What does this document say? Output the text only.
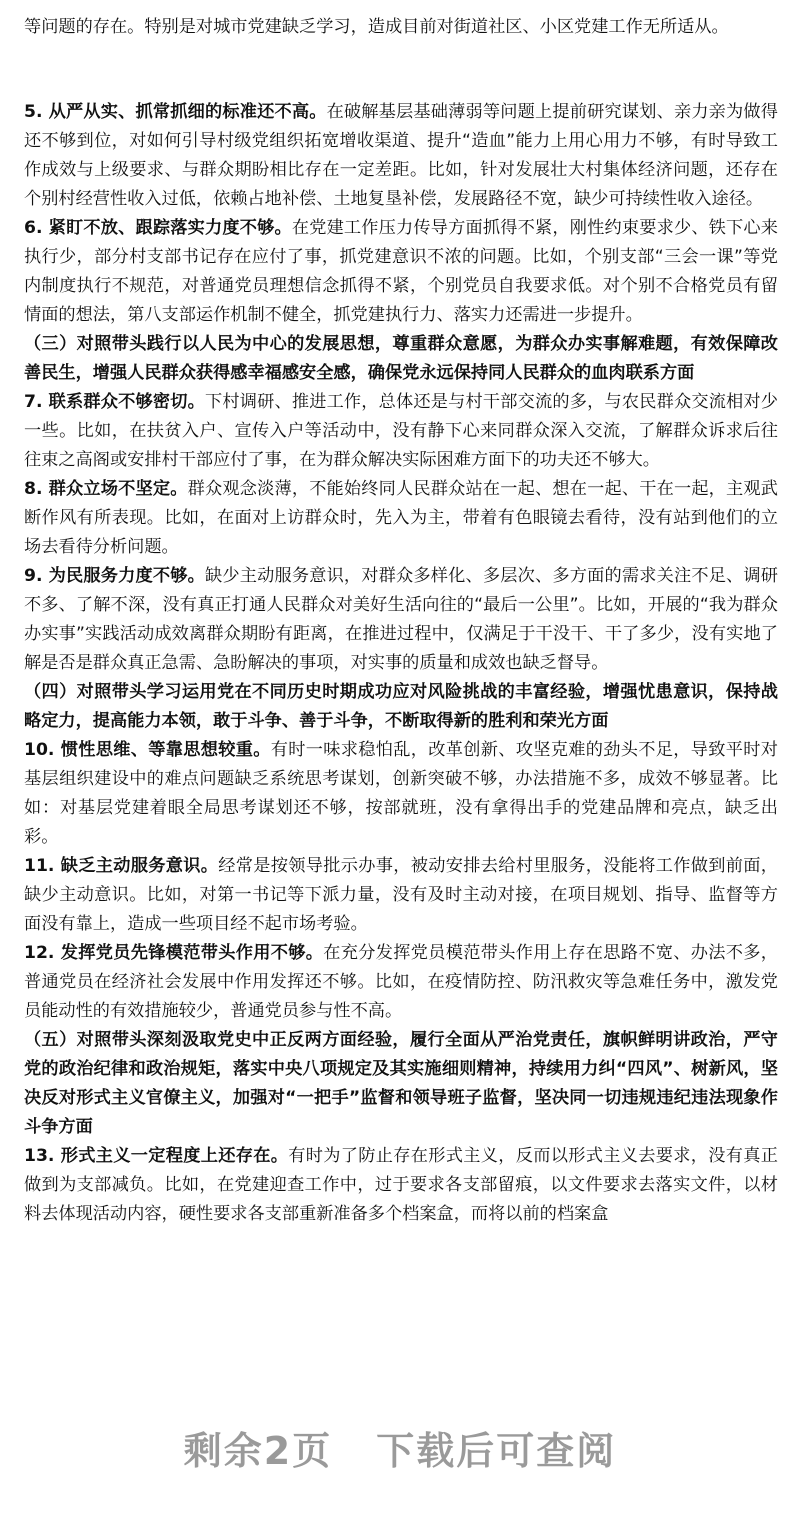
等问题的存在。特别是对城市党建缺乏学习，造成目前对街道社区、小区党建工作无所适从。

5. 从严从实、抓常抓细的标准还不高。在破解基层基础薄弱等问题上提前研究谋划、亲力亲为做得还不够到位，对如何引导村级党组织拓宽增收渠道、提升“造血”能力上用心用力不够，有时导致工作成效与上级要求、与群众期盼相比存在一定差距。比如，针对发展壮大村集体经济问题，还存在个别村经营性收入过低，依赖占地补偿、土地复垦补偿，发展路径不宽，缺少可持续性收入途径。

6. 紧盯不放、跟踪落实力度不够。在党建工作压力传导方面抓得不紧，刚性约束要求少、铁下心来执行少，部分村支部书记存在应付了事，抓党建意识不浓的问题。比如，个别支部“三会一课”等党内制度执行不规范，对普通党员理想信念抓得不紧，个别党员自我要求低。对个别不合格党员有留情面的想法，第八支部运作机制不健全，抓党建执行力、落实力还需进一步提升。

（三）对照带头践行以人民为中心的发展思想，尊重群众意愿，为群众办实事解难题，有效保障改善民生，增强人民群众获得感幸福感安全感，确保党永远保持同人民群众的血肉联系方面

7. 联系群众不够密切。下村调研、推进工作，总体还是与村干部交流的多，与农民群众交流相对少一些。比如，在扶贫入户、宣传入户等活动中，没有静下心来同群众深入交流，了解群众诉求后往往束之高阁或安排村干部应付了事，在为群众解决实际困难方面下的功夫还不够大。

8. 群众立场不坚定。群众观念淡薄，不能始终同人民群众站在一起、想在一起、干在一起，主观武断作风有所表现。比如，在面对上访群众时，先入为主，带着有色眼镜去看待，没有站到他们的立场去看待分析问题。

9. 为民服务力度不够。缺少主动服务意识，对群众多样化、多层次、多方面的需求关注不足、调研不多、了解不深，没有真正打通人民群众对美好生活向往的“最后一公里”。比如，开展的“我为群众办实事”实践活动成效离群众期盼有距离，在推进过程中，仅满足于干没干、干了多少，没有实地了解是否是群众真正急需、急盼解决的事项，对实事的质量和成效也缺乏督导。

（四）对照带头学习运用党在不同历史时期成功应对风险挑战的丰富经验，增强忧患意识，保持战略定力，提高能力本领，敢于斗争、善于斗争，不断取得新的胜利和荣光方面

10. 惯性思维、等靠思想较重。有时一味求稳怕乱，改革创新、攻坚克难的劲头不足，导致平时对基层组织建设中的难点问题缺乏系统思考谋划，创新突破不够，办法措施不多，成效不够显著。比如：对基层党建着眼全局思考谋划还不够，按部就班，没有拿得出手的党建品牌和亮点，缺乏出彩。

11. 缺乏主动服务意识。经常是按领导批示办事，被动安排去给村里服务，没能将工作做到前面，缺少主动意识。比如，对第一书记等下派力量，没有及时主动对接，在项目规划、指导、监督等方面没有靠上，造成一些项目经不起市场考验。

12. 发挥党员先锋模范带头作用不够。在充分发挥党员模范带头作用上存在思路不宽、办法不多，普通党员在经济社会发展中作用发挥还不够。比如，在疫情防控、防汛救灾等急难任务中，激发党员能动性的有效措施较少，普通党员参与性不高。

（五）对照带头深刻汲取党史中正反两方面经验，履行全面从严治党责任，旗帜鲜明讲政治，严守党的政治纪律和政治规矩，落实中央八项规定及其实施细则精神，持续用力纠“四风”、树新风，坚决反对形式主义官僚主义，加强对“一把手”监督和领导班子监督，坚决同一切违规违纪违法现象作斗争方面

13. 形式主义一定程度上还存在。有时为了防止存在形式主义，反而以形式主义去要求，没有真正做到为支部减负。比如，在党建迎查工作中，过于要求各支部留痕，以文件要求去落实文件，以材料去体现活动内容，硬性要求各支部重新准备多个档案盒，而将以前的档案盒

剩余2页 下载后可查阅
